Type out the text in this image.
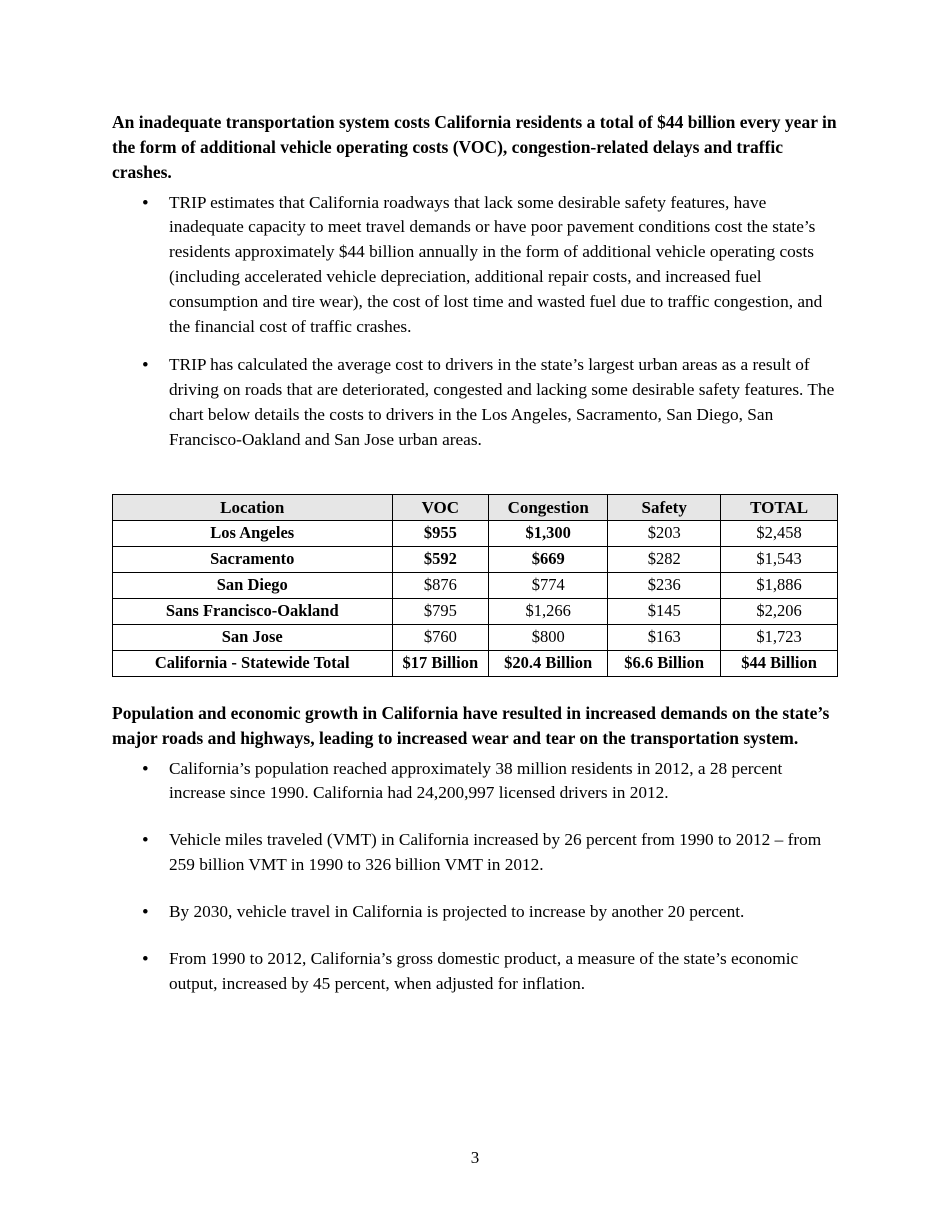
An inadequate transportation system costs California residents a total of $44 billion every year in the form of additional vehicle operating costs (VOC), congestion-related delays and traffic crashes.

• TRIP estimates that California roadways that lack some desirable safety features, have inadequate capacity to meet travel demands or have poor pavement conditions cost the state’s residents approximately $44 billion annually in the form of additional vehicle operating costs (including accelerated vehicle depreciation, additional repair costs, and increased fuel consumption and tire wear), the cost of lost time and wasted fuel due to traffic congestion, and the financial cost of traffic crashes.
• TRIP has calculated the average cost to drivers in the state’s largest urban areas as a result of driving on roads that are deteriorated, congested and lacking some desirable safety features. The chart below details the costs to drivers in the Los Angeles, Sacramento, San Diego, San Francisco-Oakland and San Jose urban areas.
Location	VOC	Congestion	Safety	TOTAL
Los Angeles	$955	$1,300	$203	$2,458
Sacramento	$592	$669	$282	$1,543
San Diego	$876	$774	$236	$1,886
Sans Francisco-Oakland	$795	$1,266	$145	$2,206
San Jose	$760	$800	$163	$1,723
California - Statewide Total	$17 Billion	$20.4 Billion	$6.6 Billion	$44 Billion

Population and economic growth in California have resulted in increased demands on the state’s major roads and highways, leading to increased wear and tear on the transportation system.

• California’s population reached approximately 38 million residents in 2012, a 28 percent increase since 1990. California had 24,200,997 licensed drivers in 2012.
• Vehicle miles traveled (VMT) in California increased by 26 percent from 1990 to 2012 – from 259 billion VMT in 1990 to 326 billion VMT in 2012.
• By 2030, vehicle travel in California is projected to increase by another 20 percent.
• From 1990 to 2012, California’s gross domestic product, a measure of the state’s economic output, increased by 45 percent, when adjusted for inflation.
3
